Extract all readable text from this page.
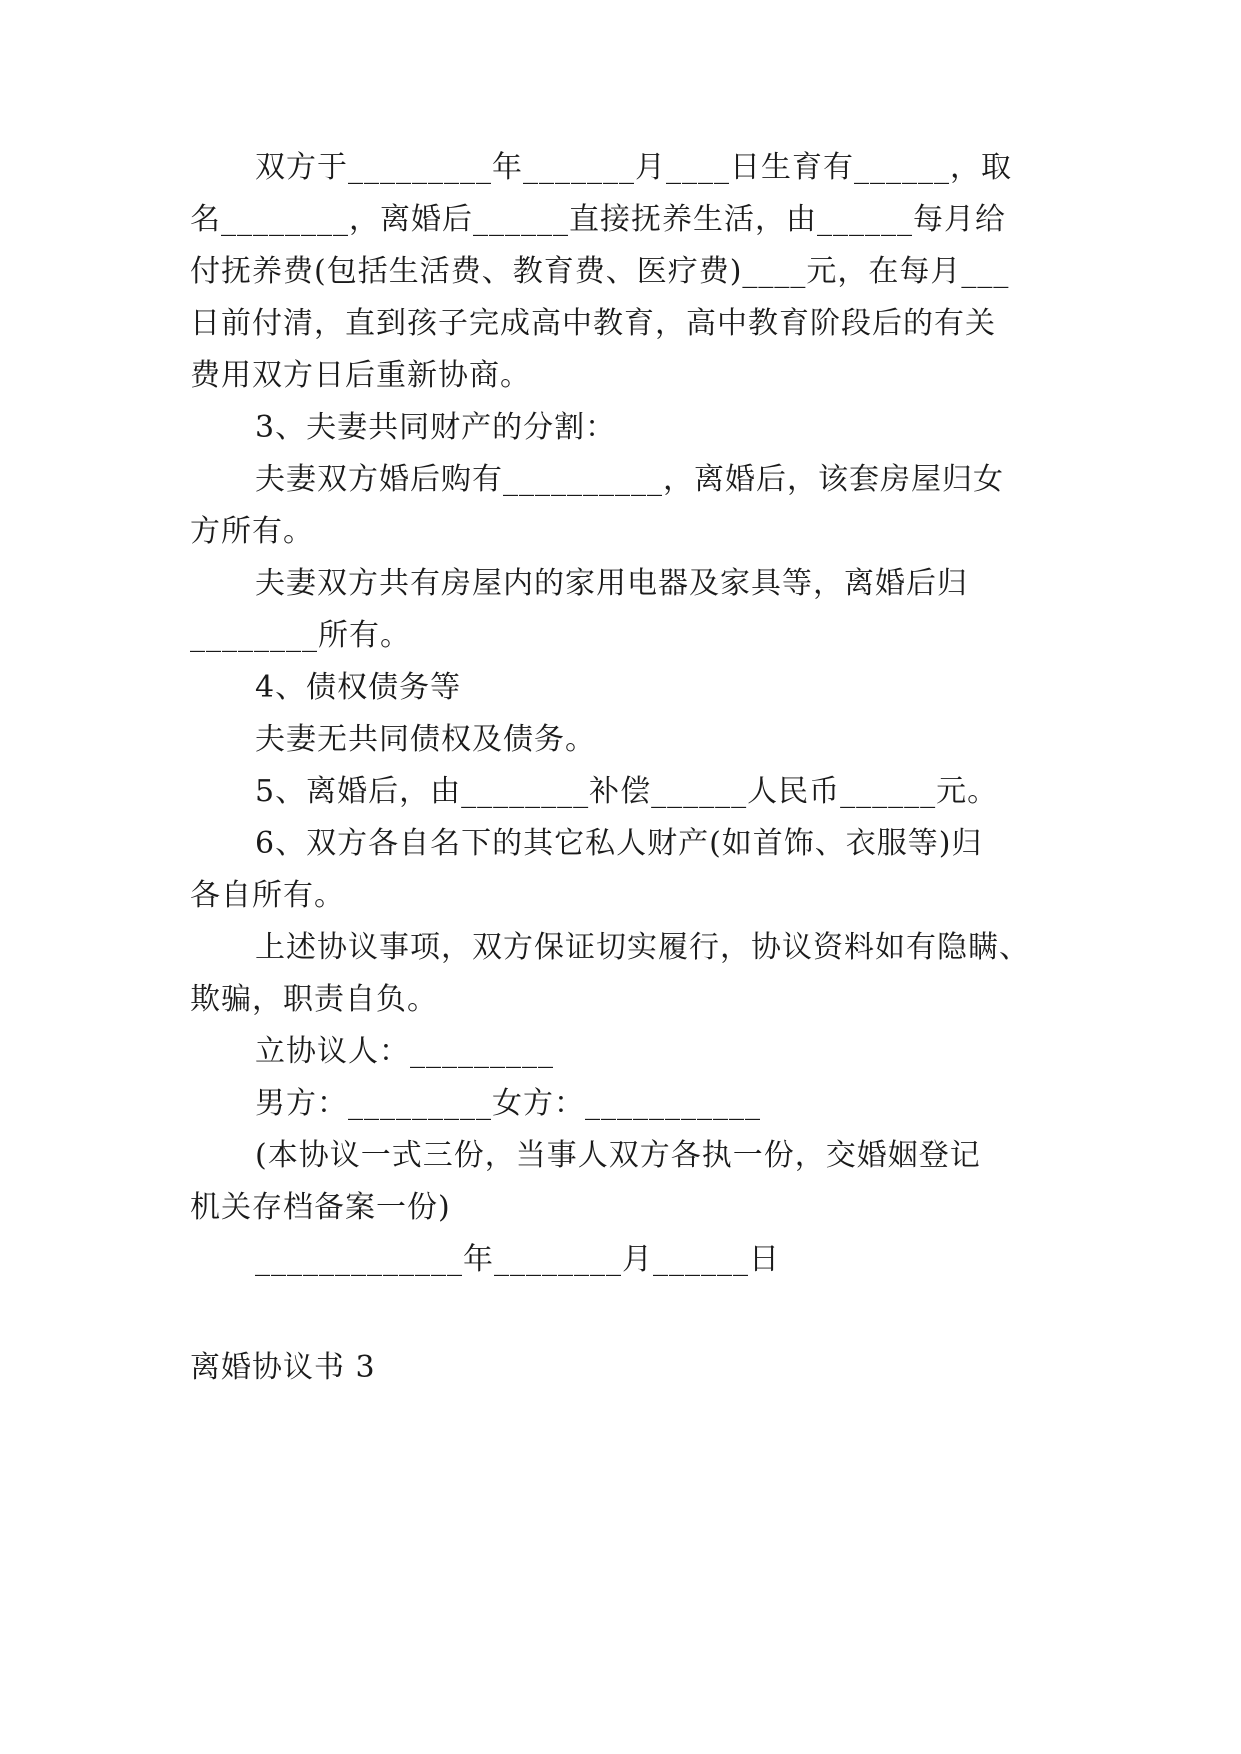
双方于_________年_______月____日生育有______，取
名________，离婚后______直接抚养生活，由______每月给
付抚养费(包括生活费、教育费、医疗费)____元，在每月___
日前付清，直到孩子完成高中教育，高中教育阶段后的有关
费用双方日后重新协商。
3、夫妻共同财产的分割：
夫妻双方婚后购有__________，离婚后，该套房屋归女
方所有。
夫妻双方共有房屋内的家用电器及家具等，离婚后归
________所有。
4、债权债务等
夫妻无共同债权及债务。
5、离婚后，由________补偿______人民币______元。
6、双方各自名下的其它私人财产(如首饰、衣服等)归
各自所有。
上述协议事项，双方保证切实履行，协议资料如有隐瞒、
欺骗，职责自负。
立协议人：_________
男方：_________女方：___________
(本协议一式三份，当事人双方各执一份，交婚姻登记
机关存档备案一份)
_____________年________月______日
离婚协议书 3
